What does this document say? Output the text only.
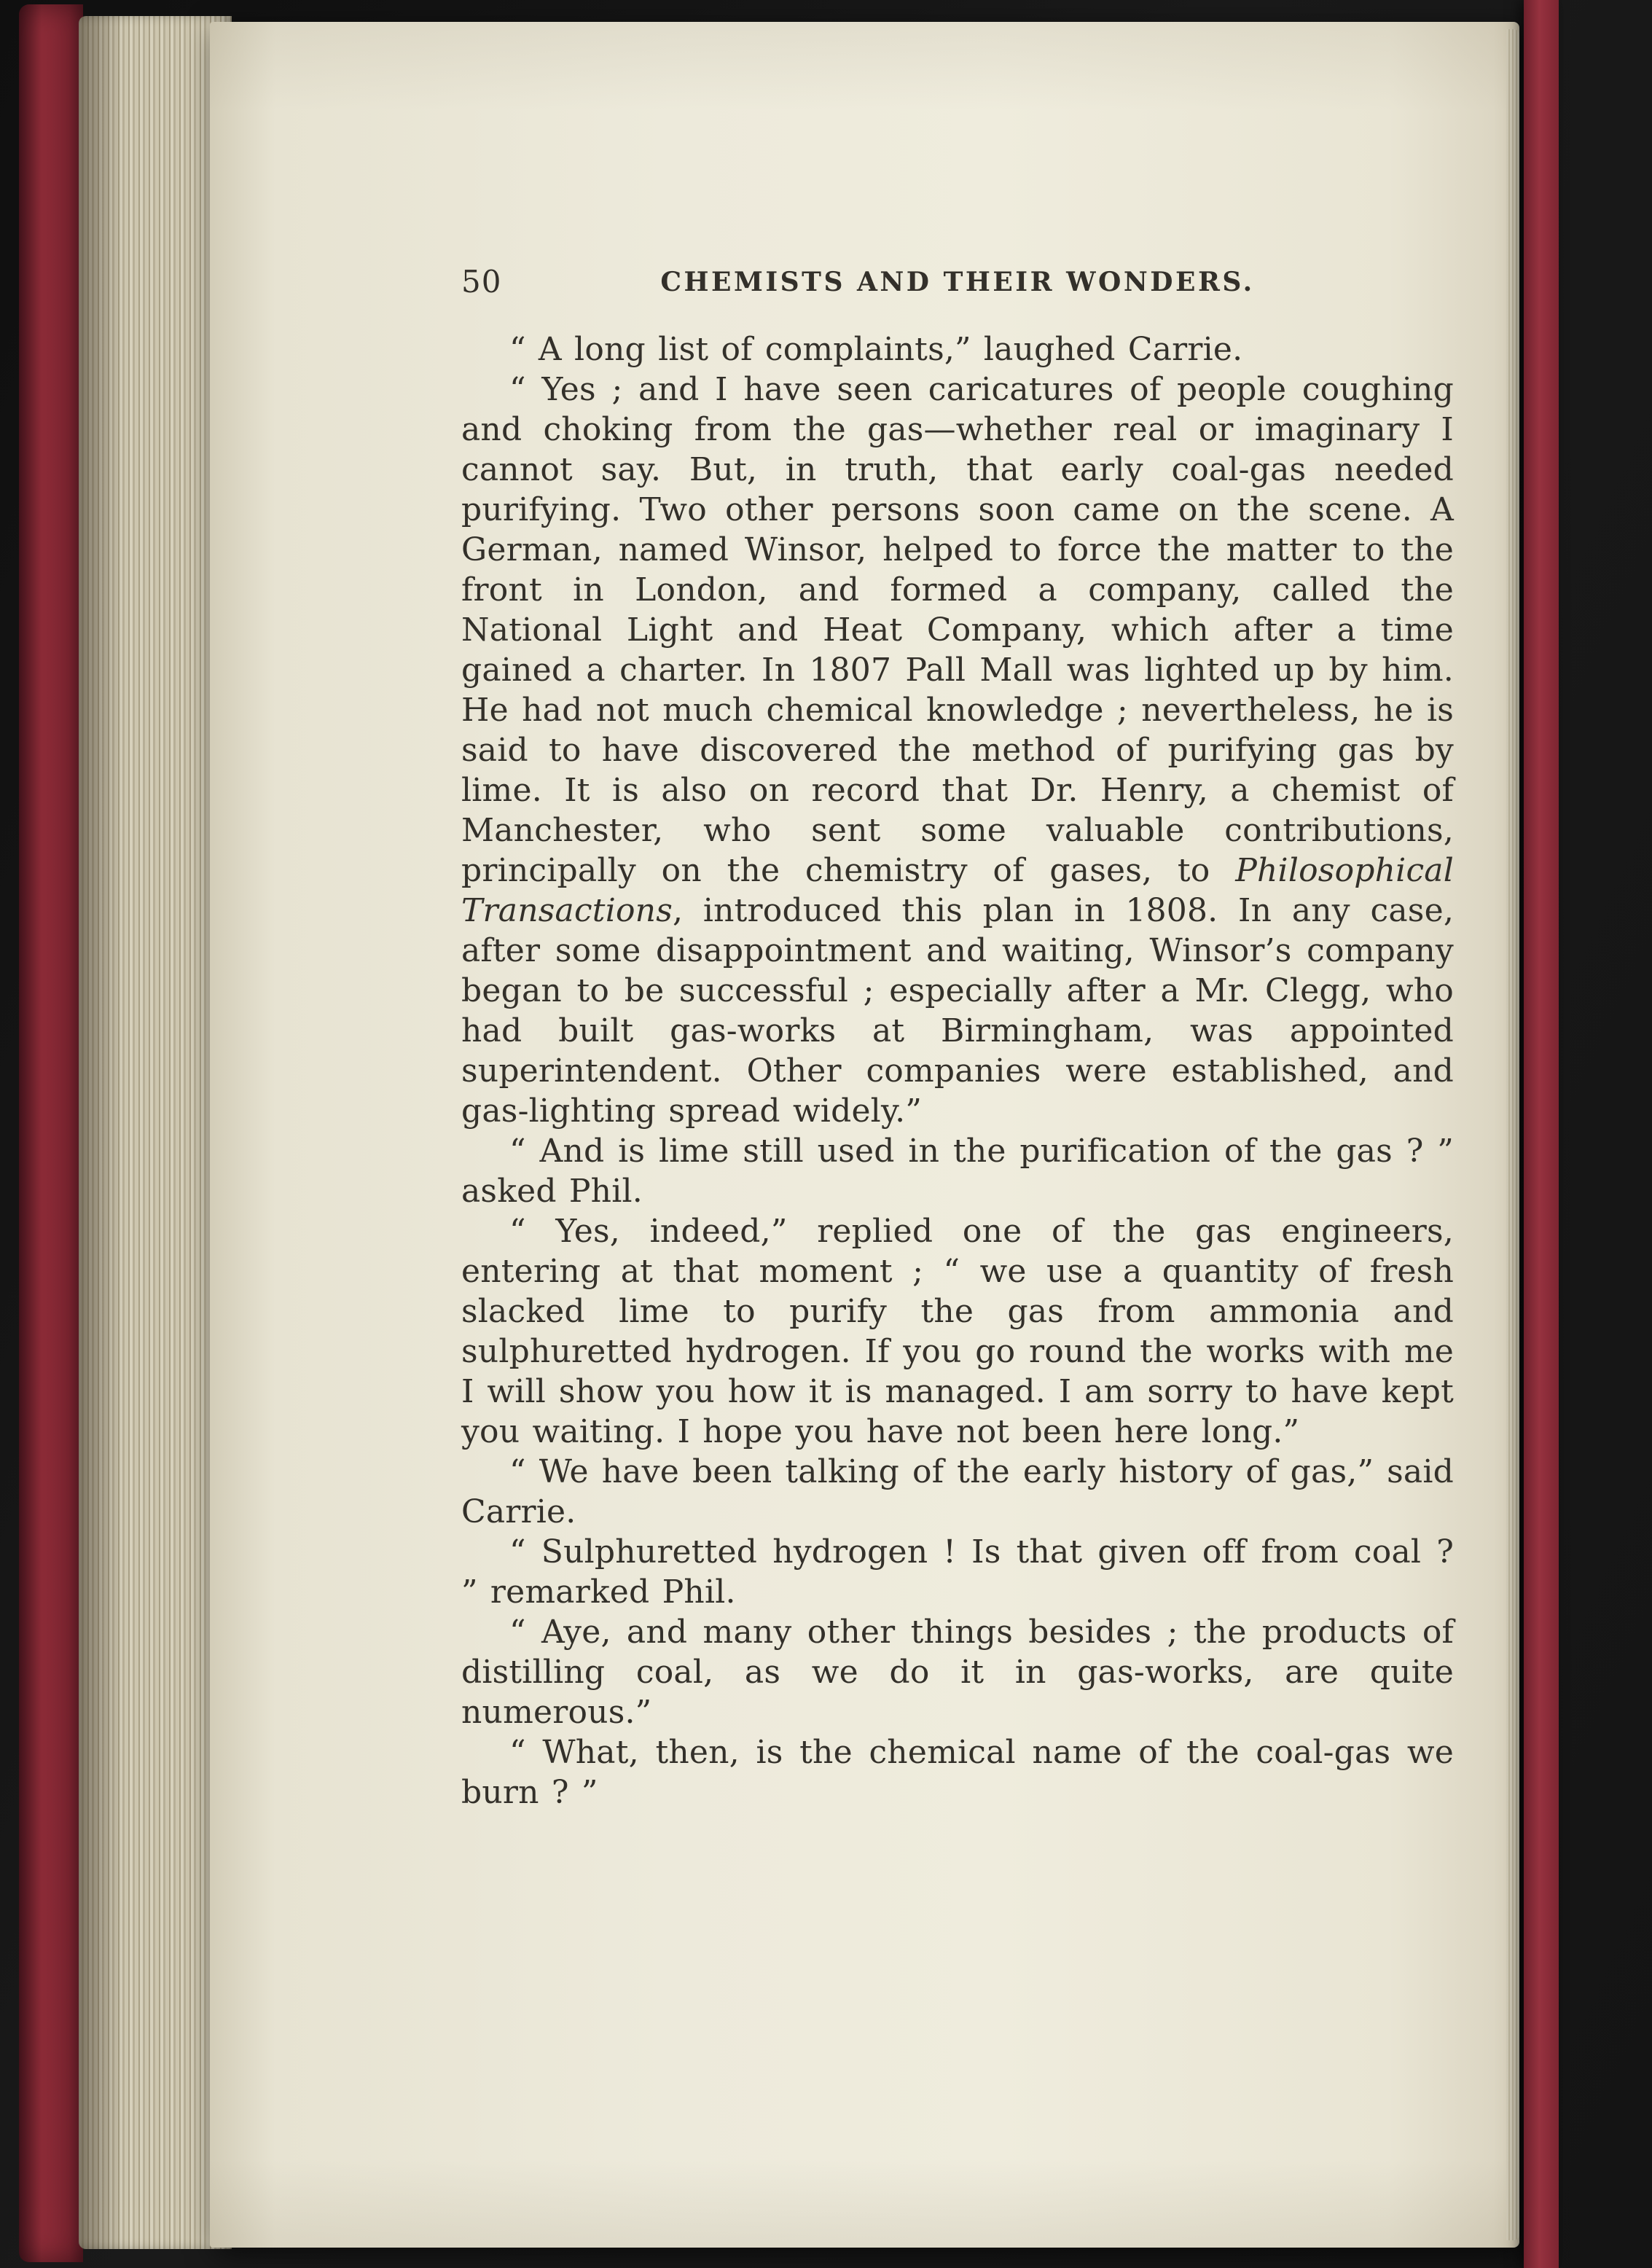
50	CHEMISTS AND THEIR WONDERS.

“ A long list of complaints,” laughed Carrie.

“ Yes ; and I have seen caricatures of people coughing and choking from the gas—whether real or imaginary I cannot say. But, in truth, that early coal-gas needed purifying. Two other persons soon came on the scene. A German, named Winsor, helped to force the matter to the front in London, and formed a company, called the National Light and Heat Company, which after a time gained a charter. In 1807 Pall Mall was lighted up by him. He had not much chemical knowledge ; nevertheless, he is said to have discovered the method of purifying gas by lime. It is also on record that Dr. Henry, a chemist of Manchester, who sent some valuable contributions, principally on the chemistry of gases, to Philosophical Transactions, introduced this plan in 1808. In any case, after some disappointment and waiting, Winsor’s company began to be successful ; especially after a Mr. Clegg, who had built gas-works at Birmingham, was appointed superintendent. Other companies were established, and gas-lighting spread widely.”

“ And is lime still used in the purification of the gas ? ” asked Phil.

“ Yes, indeed,” replied one of the gas engineers, entering at that moment ; “ we use a quantity of fresh slacked lime to purify the gas from ammonia and sulphuretted hydrogen. If you go round the works with me I will show you how it is managed. I am sorry to have kept you waiting. I hope you have not been here long.”

“ We have been talking of the early history of gas,” said Carrie.

“ Sulphuretted hydrogen ! Is that given off from coal ? ” remarked Phil.

“ Aye, and many other things besides ; the products of distilling coal, as we do it in gas-works, are quite numerous.”

“ What, then, is the chemical name of the coal-gas we burn ? ”
